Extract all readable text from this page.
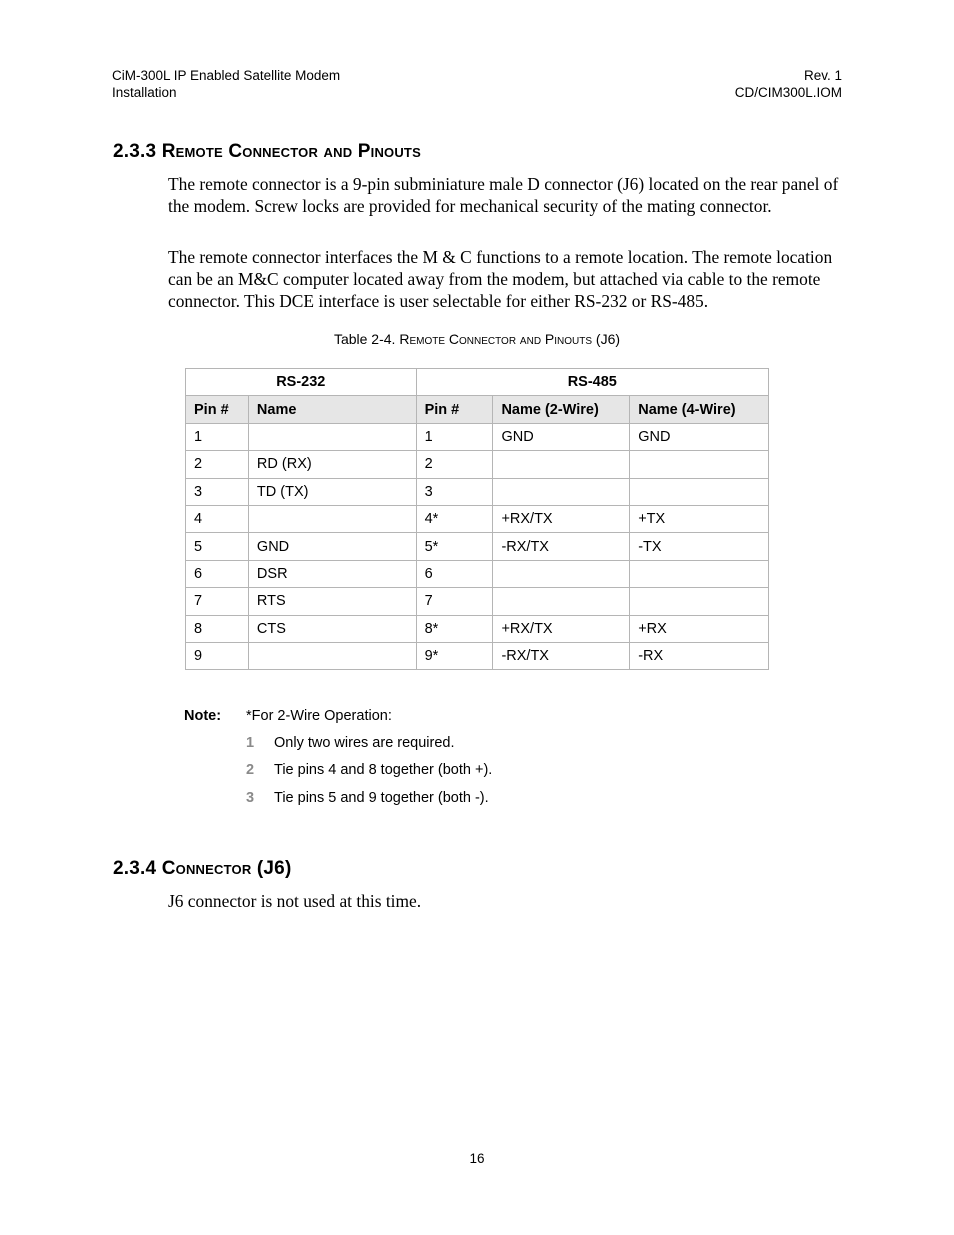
CiM-300L IP Enabled Satellite Modem
Installation
Rev. 1
CD/CIM300L.IOM
2.3.3 Remote Connector and Pinouts

The remote connector is a 9-pin subminiature male D connector (J6) located on the rear panel of the modem. Screw locks are provided for mechanical security of the mating connector.

The remote connector interfaces the M & C functions to a remote location. The remote location can be an M&C computer located away from the modem, but attached via cable to the remote connector. This DCE interface is user selectable for either RS-232 or RS-485.

Table 2-4. Remote Connector and Pinouts (J6)
RS-232		RS-485		
Pin #	Name	Pin #	Name (2-Wire)	Name (4-Wire)
1		1	GND	GND
2	RD (RX)	2		
3	TD (TX)	3		
4		4*	+RX/TX	+TX
5	GND	5*	-RX/TX	-TX
6	DSR	6		
7	RTS	7		
8	CTS	8*	+RX/TX	+RX
9		9*	-RX/TX	-RX
Note: *For 2-Wire Operation:
1 Only two wires are required.
2 Tie pins 4 and 8 together (both +).
3 Tie pins 5 and 9 together (both -).
2.3.4 Connector (J6)

J6 connector is not used at this time.

16
